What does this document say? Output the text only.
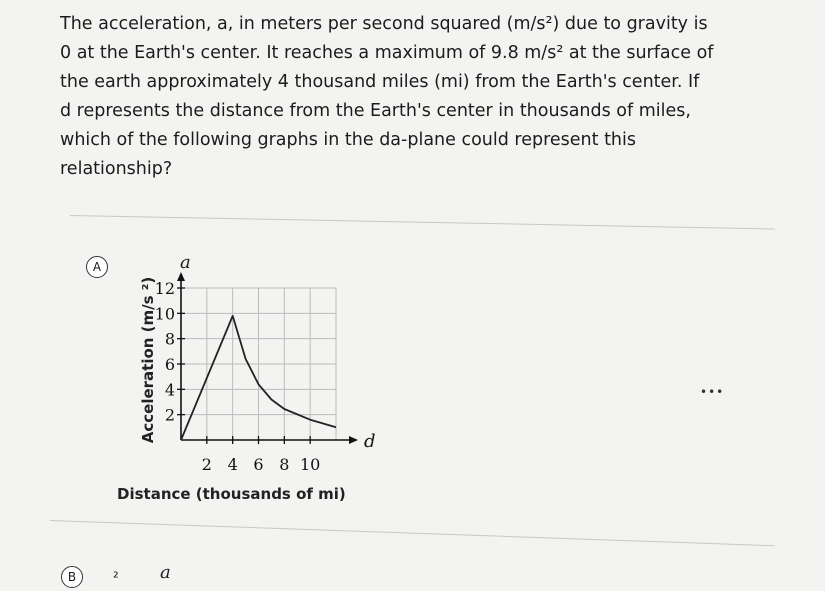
The acceleration, a, in meters per second squared (m/s²) due to gravity is
0 at the Earth's center. It reaches a maximum of 9.8 m/s² at the surface of
the earth approximately 4 thousand miles (mi) from the Earth's center. If
d represents the distance from the Earth's center in thousands of miles,
which of the following graphs in the da-plane could represent this
relationship?
A	a
d
2 4 6 8 10
2
4
6
8
10
12
Acceleration (m/s ²)
Distance (thousands of mi)
•••
B	² a
